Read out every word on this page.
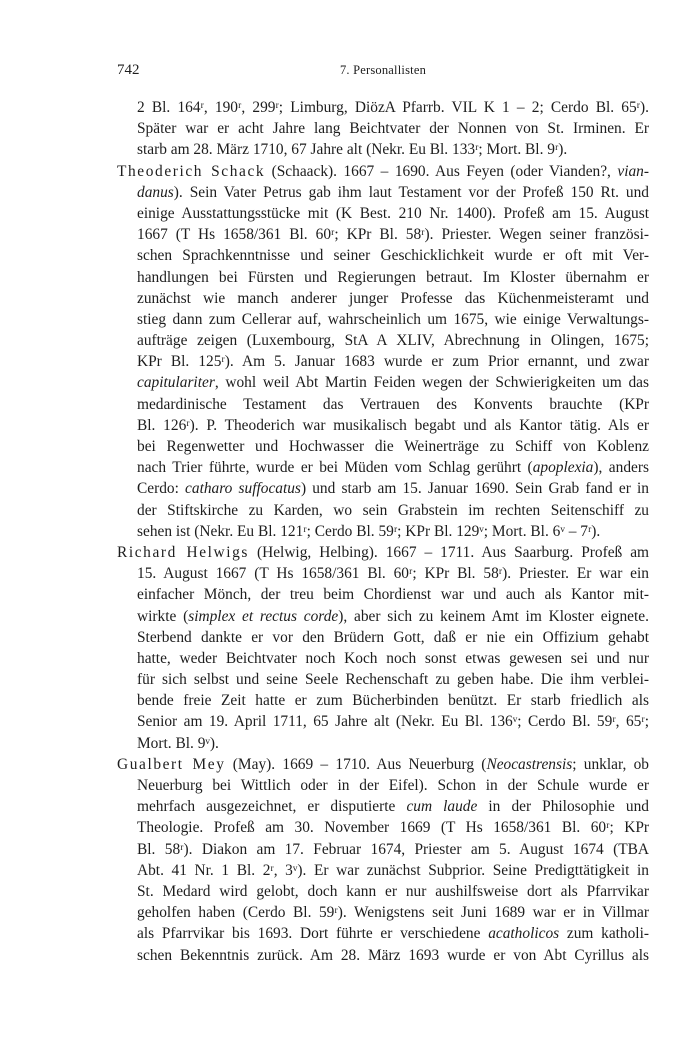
742	7. Personallisten
2 Bl. 164ʳ, 190ʳ, 299ʳ; Limburg, DiözA Pfarrb. VIL K 1 – 2; Cerdo Bl. 65ʳ).
Später war er acht Jahre lang Beichtvater der Nonnen von St. Irminen. Er
starb am 28. März 1710, 67 Jahre alt (Nekr. Eu Bl. 133ʳ; Mort. Bl. 9ʳ).
Theoderich Schack (Schaack). 1667 – 1690. Aus Feyen (oder Vianden?, vian-
danus). Sein Vater Petrus gab ihm laut Testament vor der Profeß 150 Rt. und
einige Ausstattungsstücke mit (K Best. 210 Nr. 1400). Profeß am 15. August
1667 (T Hs 1658/361 Bl. 60ʳ; KPr Bl. 58ʳ). Priester. Wegen seiner französi-
schen Sprachkenntnisse und seiner Geschicklichkeit wurde er oft mit Ver-
handlungen bei Fürsten und Regierungen betraut. Im Kloster übernahm er
zunächst wie manch anderer junger Professe das Küchenmeisteramt und
stieg dann zum Cellerar auf, wahrscheinlich um 1675, wie einige Verwaltungs-
aufträge zeigen (Luxembourg, StA A XLIV, Abrechnung in Olingen, 1675;
KPr Bl. 125ʳ). Am 5. Januar 1683 wurde er zum Prior ernannt, und zwar
capitulariter, wohl weil Abt Martin Feiden wegen der Schwierigkeiten um das
medardinische Testament das Vertrauen des Konvents brauchte (KPr
Bl. 126ʳ). P. Theoderich war musikalisch begabt und als Kantor tätig. Als er
bei Regenwetter und Hochwasser die Weinerträge zu Schiff von Koblenz
nach Trier führte, wurde er bei Müden vom Schlag gerührt (apoplexia), anders
Cerdo: catharo suffocatus) und starb am 15. Januar 1690. Sein Grab fand er in
der Stiftskirche zu Karden, wo sein Grabstein im rechten Seitenschiff zu
sehen ist (Nekr. Eu Bl. 121ʳ; Cerdo Bl. 59ʳ; KPr Bl. 129ᵛ; Mort. Bl. 6ᵛ – 7ʳ).
Richard Helwigs (Helwig, Helbing). 1667 – 1711. Aus Saarburg. Profeß am
15. August 1667 (T Hs 1658/361 Bl. 60ʳ; KPr Bl. 58ʳ). Priester. Er war ein
einfacher Mönch, der treu beim Chordienst war und auch als Kantor mit-
wirkte (simplex et rectus corde), aber sich zu keinem Amt im Kloster eignete.
Sterbend dankte er vor den Brüdern Gott, daß er nie ein Offizium gehabt
hatte, weder Beichtvater noch Koch noch sonst etwas gewesen sei und nur
für sich selbst und seine Seele Rechenschaft zu geben habe. Die ihm verblei-
bende freie Zeit hatte er zum Bücherbinden benützt. Er starb friedlich als
Senior am 19. April 1711, 65 Jahre alt (Nekr. Eu Bl. 136ᵛ; Cerdo Bl. 59ʳ, 65ʳ;
Mort. Bl. 9ᵛ).
Gualbert Mey (May). 1669 – 1710. Aus Neuerburg (Neocastrensis; unklar, ob
Neuerburg bei Wittlich oder in der Eifel). Schon in der Schule wurde er
mehrfach ausgezeichnet, er disputierte cum laude in der Philosophie und
Theologie. Profeß am 30. November 1669 (T Hs 1658/361 Bl. 60ʳ; KPr
Bl. 58ʳ). Diakon am 17. Februar 1674, Priester am 5. August 1674 (TBA
Abt. 41 Nr. 1 Bl. 2ʳ, 3ᵛ). Er war zunächst Subprior. Seine Predigttätigkeit in
St. Medard wird gelobt, doch kann er nur aushilfsweise dort als Pfarrvikar
geholfen haben (Cerdo Bl. 59ʳ). Wenigstens seit Juni 1689 war er in Villmar
als Pfarrvikar bis 1693. Dort führte er verschiedene acatholicos zum katholi-
schen Bekenntnis zurück. Am 28. März 1693 wurde er von Abt Cyrillus als
